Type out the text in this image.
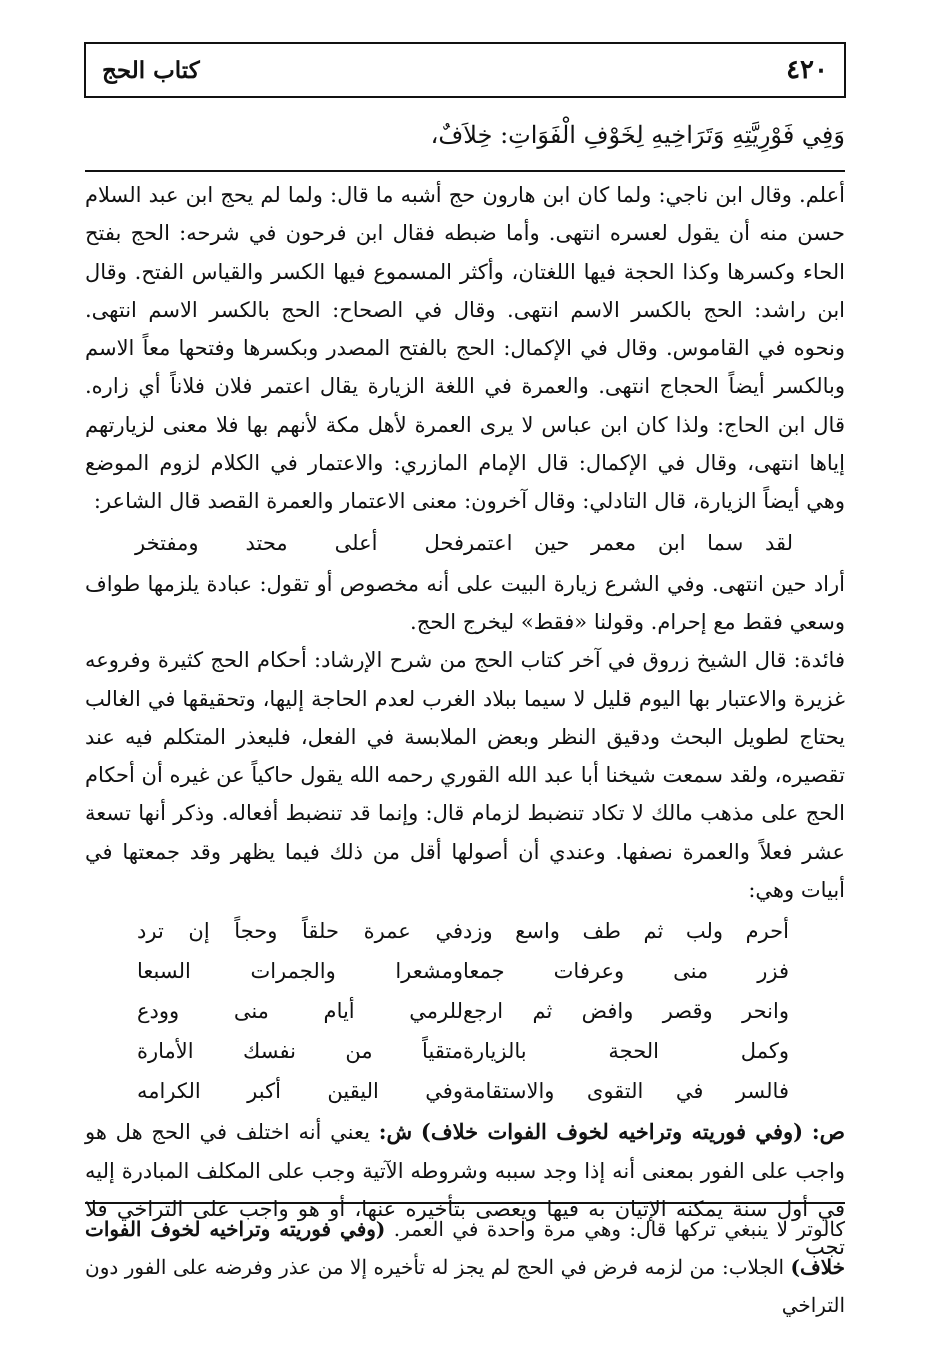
٤٢٠
كتاب الحج
وَفِي فَوْرِيَّتِهِ وَتَرَاخِيهِ لِخَوْفِ الْفَوَاتِ: خِلاَفٌ،

أعلم. وقال ابن ناجي: ولما كان ابن هارون حج أشبه ما قال: ولما لم يحج ابن عبد السلام حسن منه أن يقول لعسره انتهى. وأما ضبطه فقال ابن فرحون في شرحه: الحج بفتح الحاء وكسرها وكذا الحجة فيها اللغتان، وأكثر المسموع فيها الكسر والقياس الفتح. وقال ابن راشد: الحج بالكسر الاسم انتهى. وقال في الصحاح: الحج بالكسر الاسم انتهى. ونحوه في القاموس. وقال في الإكمال: الحج بالفتح المصدر وبكسرها وفتحها معاً الاسم وبالكسر أيضاً الحجاج انتهى. والعمرة في اللغة الزيارة يقال اعتمر فلان فلاناً أي زاره. قال ابن الحاج: ولذا كان ابن عباس لا يرى العمرة لأهل مكة لأنهم بها فلا معنى لزيارتهم إياها انتهى، وقال في الإكمال: قال الإمام المازري: والاعتمار في الكلام لزوم الموضع وهي أيضاً الزيارة، قال التادلي: وقال آخرون: معنى الاعتمار والعمرة القصد قال الشاعر:

لقد سما ابن معمر حين اعتمر
فحل أعلى محتد ومفتخر

أراد حين انتهى. وفي الشرع زيارة البيت على أنه مخصوص أو تقول: عبادة يلزمها طواف وسعي فقط مع إحرام. وقولنا «فقط» ليخرج الحج.

فائدة: قال الشيخ زروق في آخر كتاب الحج من شرح الإرشاد: أحكام الحج كثيرة وفروعه غزيرة والاعتبار بها اليوم قليل لا سيما ببلاد الغرب لعدم الحاجة إليها، وتحقيقها في الغالب يحتاج لطويل البحث ودقيق النظر وبعض الملابسة في الفعل، فليعذر المتكلم فيه عند تقصيره، ولقد سمعت شيخنا أبا عبد الله القوري رحمه الله يقول حاكياً عن غيره أن أحكام الحج على مذهب مالك لا تكاد تنضبط لزمام قال: وإنما قد تنضبط أفعاله. وذكر أنها تسعة عشر فعلاً والعمرة نصفها. وعندي أن أصولها أقل من ذلك فيما يظهر وقد جمعتها في أبيات وهي:

أحرم ولب ثم طف واسع وزد
في عمرة حلقاً وحجاً إن ترد
فزر منى وعرفات جمعا
ومشعرا والجمرات السبعا
وانحر وقصر وافض ثم ارجع
للرمي أيام منى وودع
وكمل الحجة بالزيارة
متقياً من نفسك الأمارة
فالسر في التقوى والاستقامة
وفي اليقين أكبر الكرامه

ص: (وفي فوريته وتراخيه لخوف الفوات خلاف) ش: يعني أنه اختلف في الحج هل هو واجب على الفور بمعنى أنه إذا وجد سببه وشروطه الآتية وجب على المكلف المبادرة إليه في أول سنة يمكنه الإتيان به فيها ويعصى بتأخيره عنها، أو هو واجب على التراخي فلا تجب

كالوتر لا ينبغي تركها قال: وهي مرة واحدة في العمر. (وفي فوريته وتراخيه لخوف الفوات خلاف) الجلاب: من لزمه فرض في الحج لم يجز له تأخيره إلا من عذر وفرضه على الفور دون التراخي
